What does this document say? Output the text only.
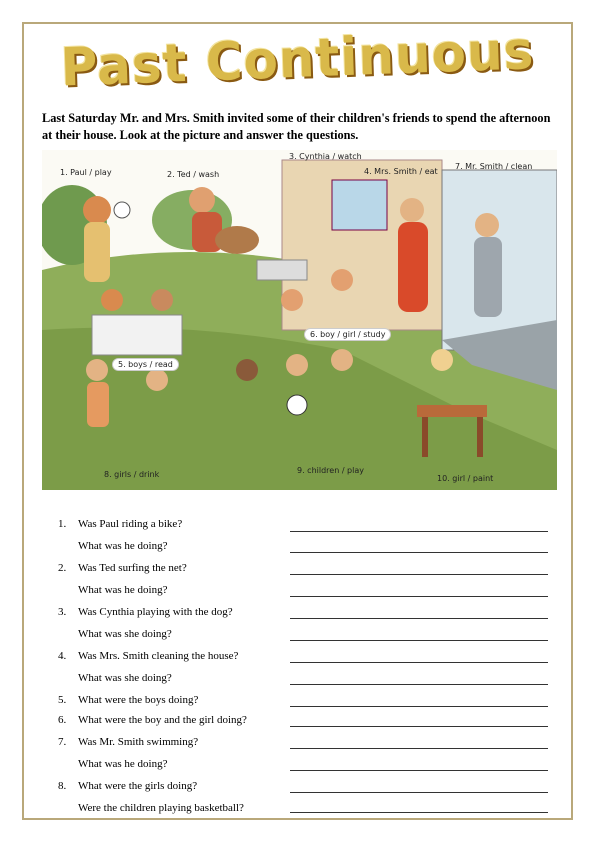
Past Continuous
Last Saturday Mr. and Mrs. Smith invited some of their children's friends to spend the afternoon at their house. Look at the picture and answer the questions.
1. Paul / play	2. Ted / wash
3. Cynthia / watch
4. Mrs. Smith / eat
7. Mr. Smith / clean
6. boy / girl / study
5. boys / read
8. girls / drink	9. children / play
10. girl / paint
1.	Was Paul riding a bike?
What was he doing?
2.	Was Ted surfing the net?
What was he doing?
3.	Was Cynthia playing with the dog?
What was she doing?
4.	Was Mrs. Smith cleaning the house?
What was she doing?
5.	What were the boys doing?
6.	What were the boy and the girl doing?
7.	Was Mr. Smith swimming?
What was he doing?
8.	What were the girls doing?
Were the children playing basketball?
